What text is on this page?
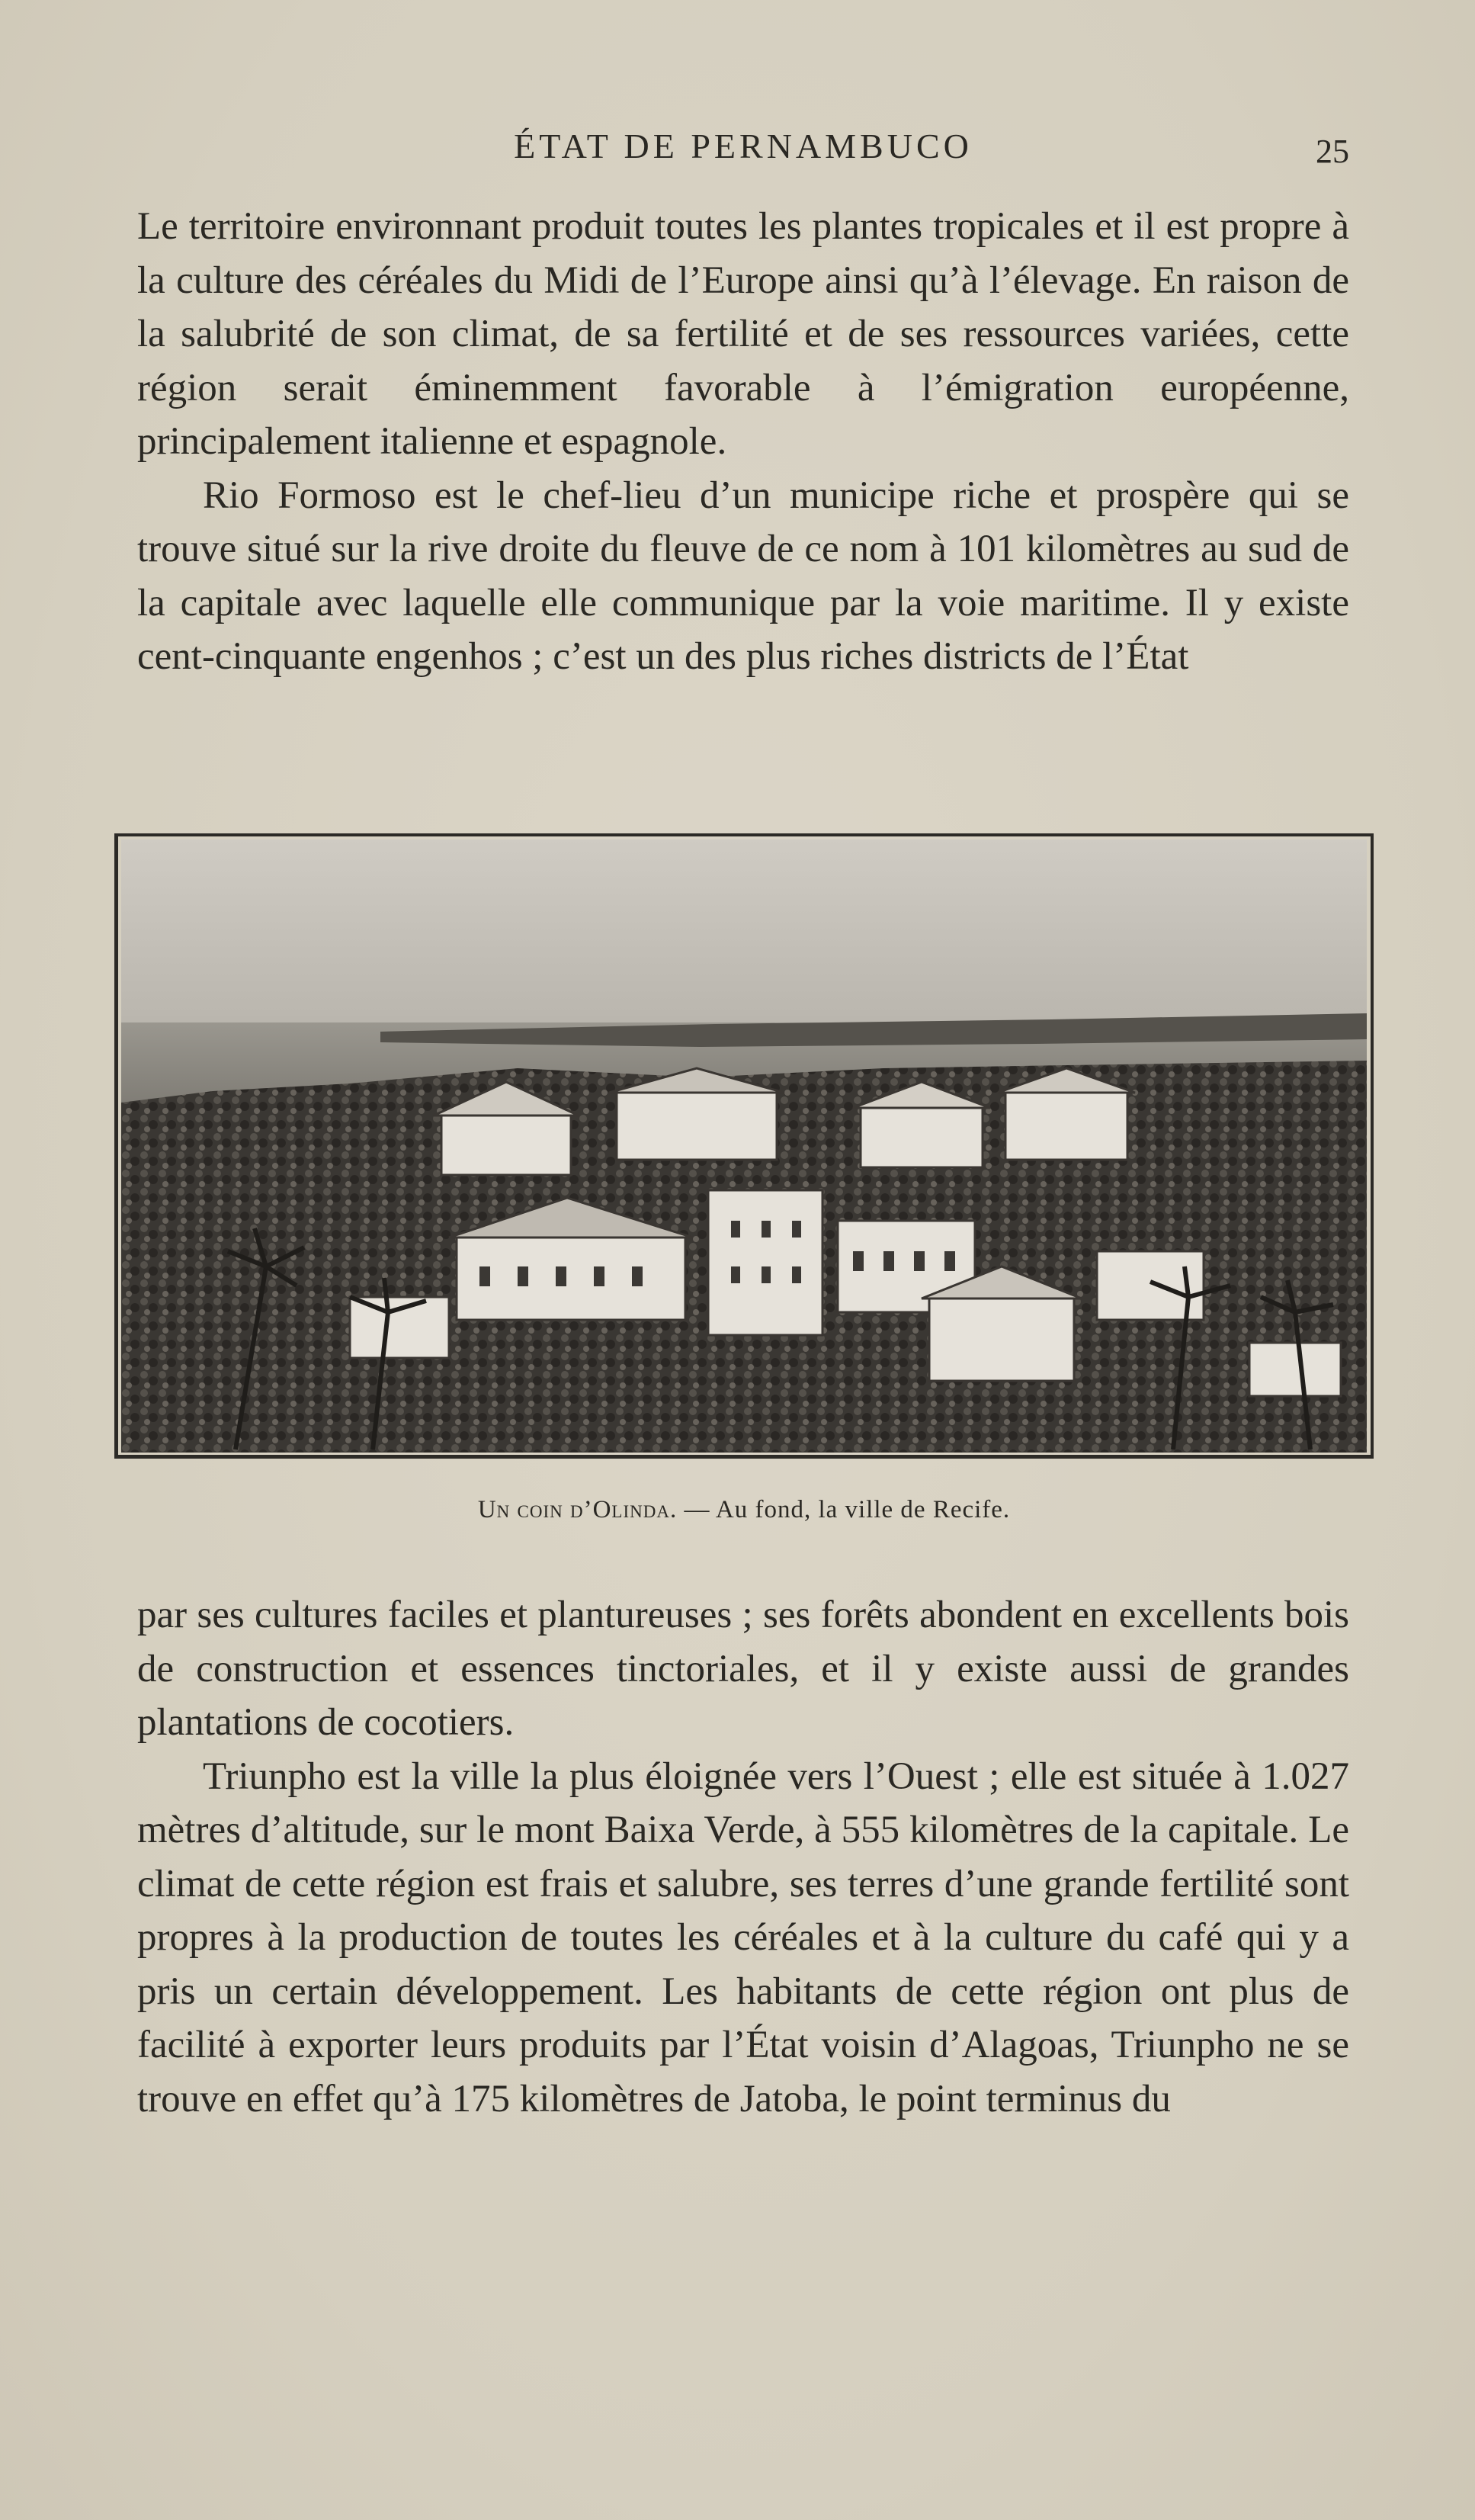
ÉTAT DE PERNAMBUCO	25

Le territoire environnant produit toutes les plantes tropicales et il est propre à la culture des céréales du Midi de l’Europe ainsi qu’à l’élevage. En raison de la salubrité de son climat, de sa fertilité et de ses ressources variées, cette région serait éminemment favorable à l’émigration européenne, principalement italienne et espagnole.

Rio Formoso est le chef-lieu d’un municipe riche et prospère qui se trouve situé sur la rive droite du fleuve de ce nom à 101 kilomètres au sud de la capitale avec laquelle elle communique par la voie maritime. Il y existe cent-cinquante engenhos ; c’est un des plus riches districts de l’État

Un coin d’Olinda. — Au fond, la ville de Recife.

par ses cultures faciles et plantureuses ; ses forêts abondent en excellents bois de construction et essences tinctoriales, et il y existe aussi de grandes plantations de cocotiers.

Triunpho est la ville la plus éloignée vers l’Ouest ; elle est située à 1.027 mètres d’altitude, sur le mont Baixa Verde, à 555 kilomètres de la capitale. Le climat de cette région est frais et salubre, ses terres d’une grande fertilité sont propres à la production de toutes les céréales et à la culture du café qui y a pris un certain développement. Les habitants de cette région ont plus de facilité à exporter leurs produits par l’État voisin d’Alagoas, Triunpho ne se trouve en effet qu’à 175 kilomètres de Jatoba, le point terminus du
